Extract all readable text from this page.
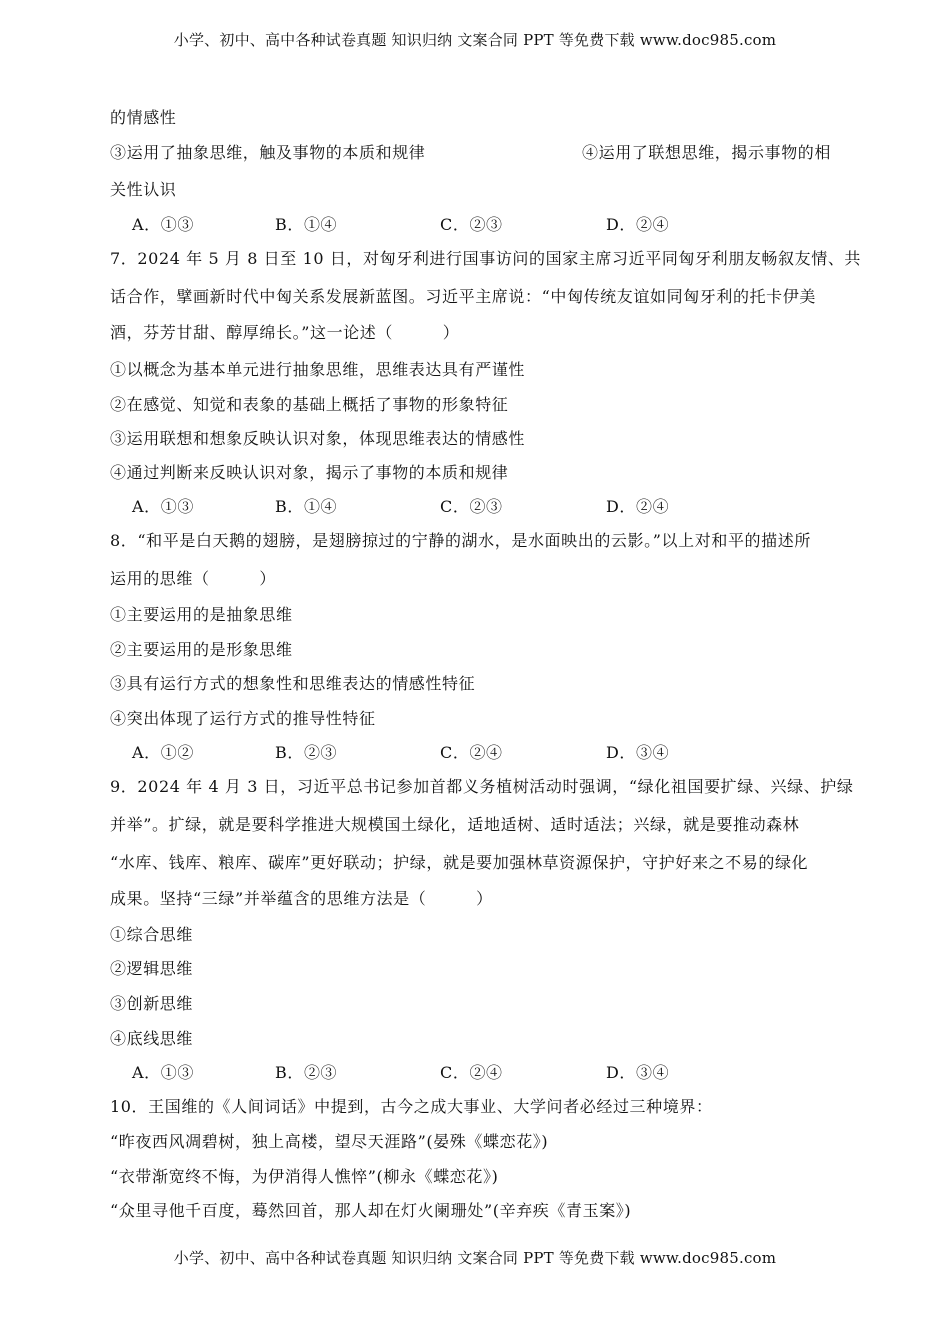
小学、初中、高中各种试卷真题 知识归纳 文案合同 PPT 等免费下载 www.doc985.com
的情感性
③运用了抽象思维，触及事物的本质和规律	④运用了联想思维，揭示事物的相
关性认识
A．①③	B．①④	C．②③	D．②④
7．2024 年 5 月 8 日至 10 日，对匈牙利进行国事访问的国家主席习近平同匈牙利朋友畅叙友情、共
话合作，擘画新时代中匈关系发展新蓝图。习近平主席说：“中匈传统友谊如同匈牙利的托卡伊美
酒，芬芳甘甜、醇厚绵长。”这一论述（　　　）
①以概念为基本单元进行抽象思维，思维表达具有严谨性
②在感觉、知觉和表象的基础上概括了事物的形象特征
③运用联想和想象反映认识对象，体现思维表达的情感性
④通过判断来反映认识对象，揭示了事物的本质和规律
A．①③	B．①④	C．②③	D．②④
8．“和平是白天鹅的翅膀，是翅膀掠过的宁静的湖水，是水面映出的云影。”以上对和平的描述所
运用的思维（　　　）
①主要运用的是抽象思维
②主要运用的是形象思维
③具有运行方式的想象性和思维表达的情感性特征
④突出体现了运行方式的推导性特征
A．①②	B．②③	C．②④	D．③④
9．2024 年 4 月 3 日，习近平总书记参加首都义务植树活动时强调，“绿化祖国要扩绿、兴绿、护绿
并举”。扩绿，就是要科学推进大规模国土绿化，适地适树、适时适法；兴绿，就是要推动森林
“水库、钱库、粮库、碳库”更好联动；护绿，就是要加强林草资源保护，守护好来之不易的绿化
成果。坚持“三绿”并举蕴含的思维方法是（　　　）
①综合思维
②逻辑思维
③创新思维
④底线思维
A．①③	B．②③	C．②④	D．③④
10．王国维的《人间词话》中提到，古今之成大事业、大学问者必经过三种境界：
“昨夜西风凋碧树，独上高楼，望尽天涯路”(晏殊《蝶恋花》)
“衣带渐宽终不悔，为伊消得人憔悴”(柳永《蝶恋花》)
“众里寻他千百度，蓦然回首，那人却在灯火阑珊处”(辛弃疾《青玉案》)
小学、初中、高中各种试卷真题 知识归纳 文案合同 PPT 等免费下载 www.doc985.com
